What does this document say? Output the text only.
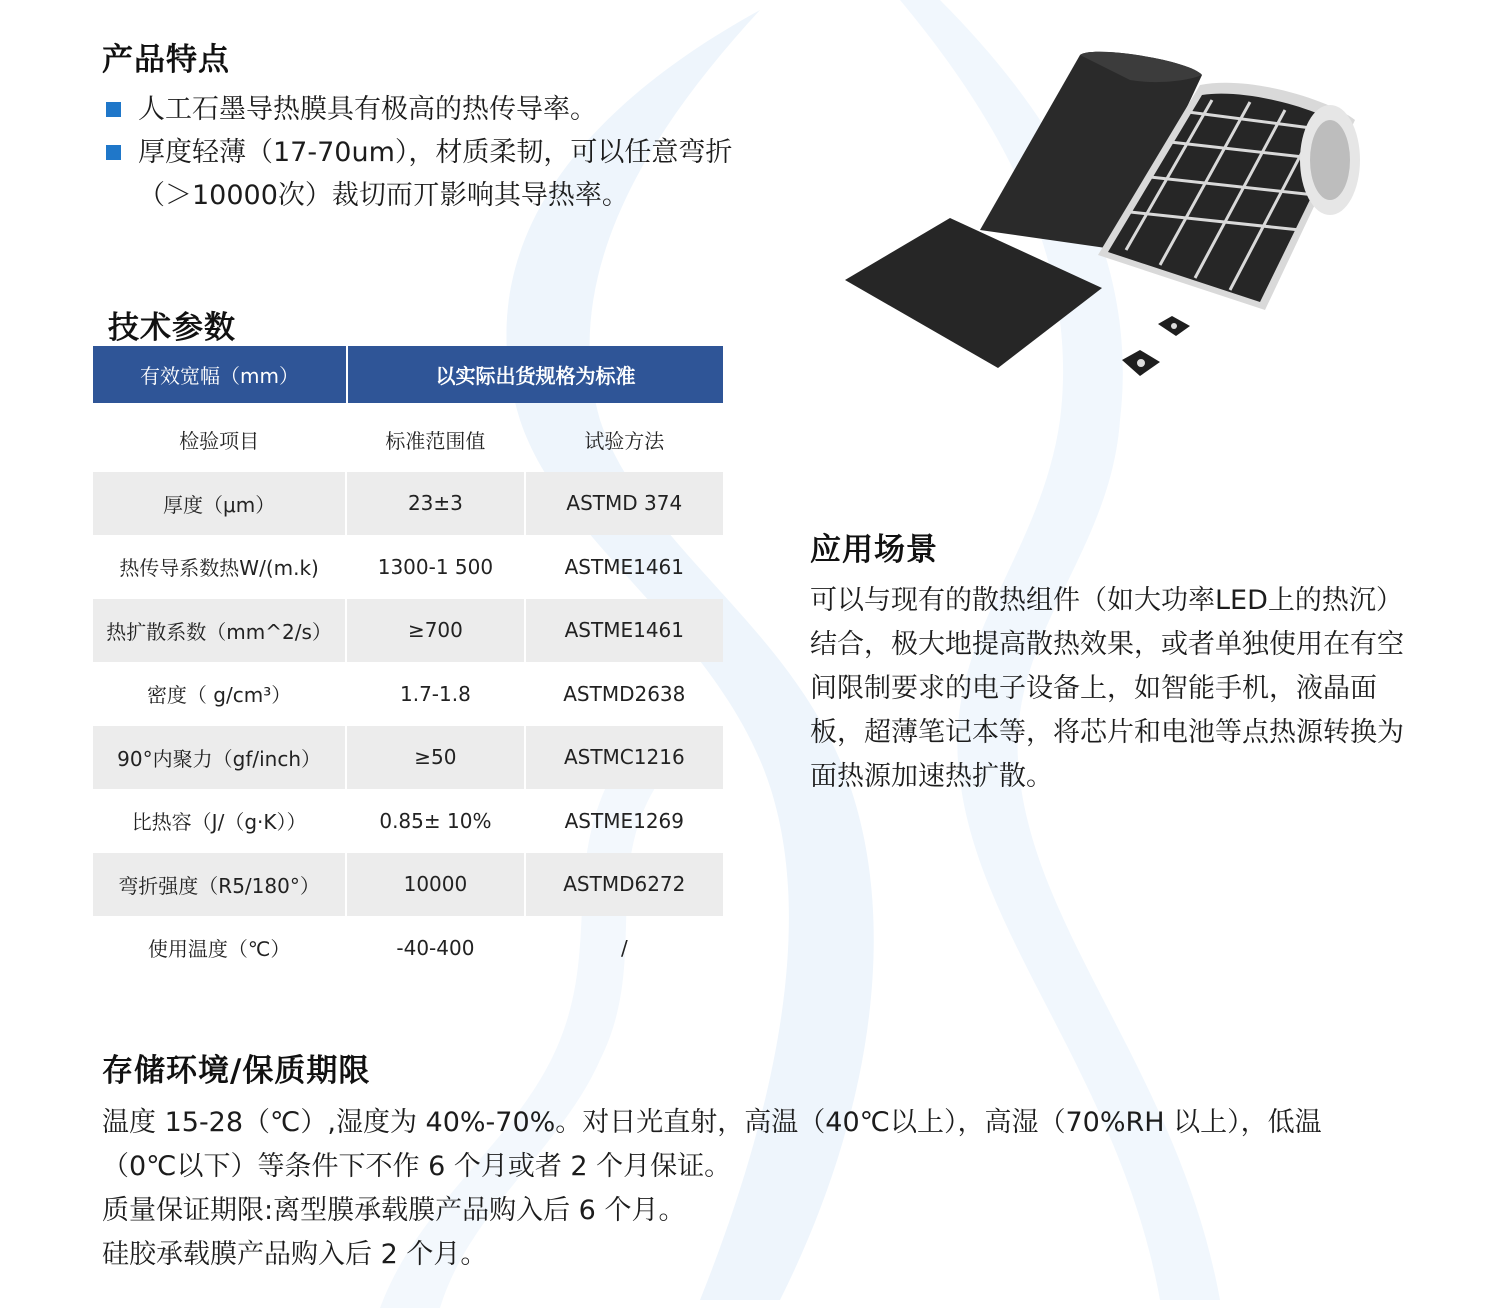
产品特点
人工石墨导热膜具有极高的热传导率。
厚度轻薄（17-70um），材质柔韧，可以任意弯折（＞10000次）裁切而丌影响其导热率。
技术参数
有效宽幅（mm）	以实际出货规格为标准
检验项目	标准范围值	试验方法
厚度（μm）	23±3	ASTMD 374
热传导系数热W/(m.k)	1300-1 500	ASTME1461
热扩散系数（mm^2/s）	≥700	ASTME1461
密度（ g/cm³）	1.7-1.8	ASTMD2638
90°内聚力（gf/inch）	≥50	ASTMC1216
比热容（J/（g·K））	0.85± 10%	ASTME1269
弯折强度（R5/180°）	10000	ASTMD6272
使用温度（℃）	-40-400	/
应用场景
可以与现有的散热组件（如大功率LED上的热沉）结合，极大地提高散热效果，或者单独使用在有空间限制要求的电子设备上，如智能手机，液晶面板，超薄笔记本等，将芯片和电池等点热源转换为面热源加速热扩散。
存储环境/保质期限

温度 15-28（℃）,湿度为 40%-70%。对日光直射，高温（40℃以上），高湿（70%RH 以上），低温（0℃以下）等条件下不作 6 个月或者 2 个月保证。

质量保证期限:离型膜承载膜产品购入后 6 个月。

硅胶承载膜产品购入后 2 个月。
